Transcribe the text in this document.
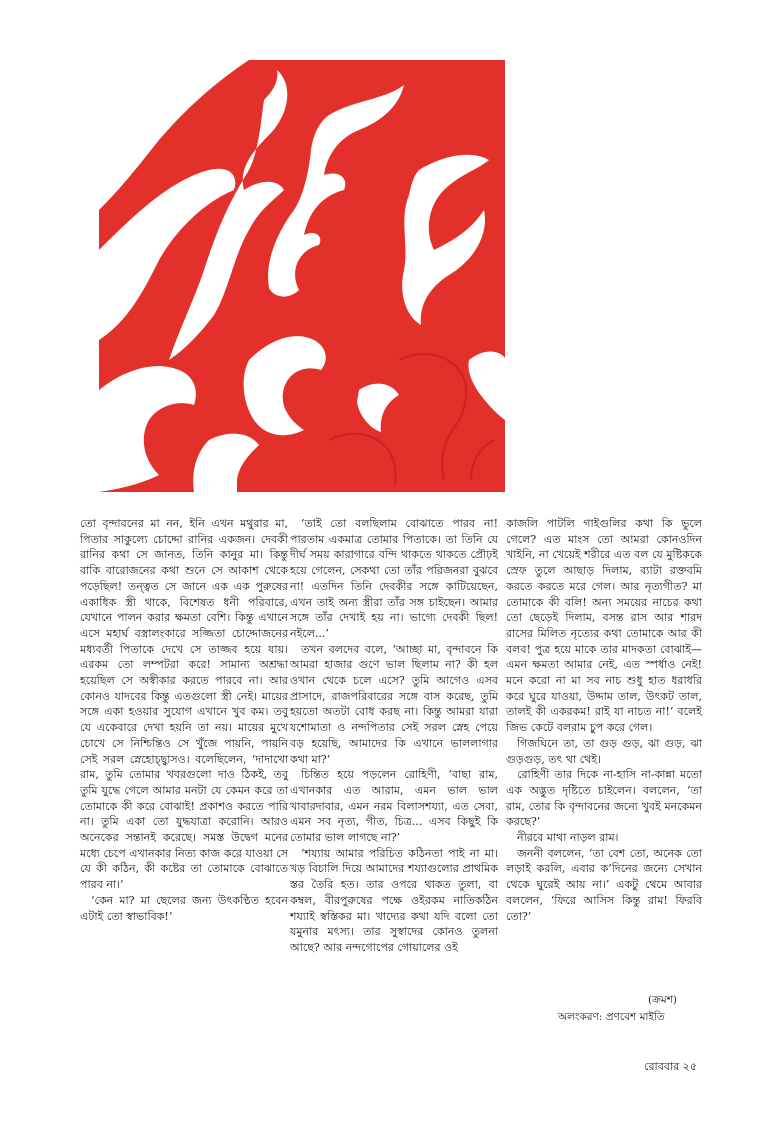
তো বৃন্দাবনের মা নন, ইনি এখন মথুরার মা, পিতার সাকুল্যে চোদ্দো রানির একজন। দেবকী রানির কথা সে জানত, তিনি কানুর মা। কিন্তু বাকি বারোজনের কথা শুনে সে আকাশ থেকে পড়েছিল! তন্ত্বত সে জানে এক এক পুরুষের একাধিক স্ত্রী থাকে, বিশেষত ধনী পরিবারে, যেখানে পালন করার ক্ষমতা বেশি। কিন্তু এখানে এসে মহার্ঘ বস্ত্রালংকারে সজ্জিতা চোদ্দোজনের মধ্যবর্তী পিতাকে দেখে সে তাজ্জব হয়ে যায়। এরকম তো লম্পটরা করে! সামান্য অশ্রদ্ধা হয়েছিল সে অস্বীকার করতে পারবে না। আর কোনও যাদবের কিন্তু এতগুলো স্ত্রী নেই। মায়ের সঙ্গে একা হওয়ার সুযোগ এখানে খুব কম। তবু যে একেবারে দেখা হয়নি তা নয়। মায়ের মুখে চোখে সে নিশ্চিন্তিও সে খুঁজে পায়নি, পায়নি সেই সরল স্নেহোচ্ছ্বাসও। বলেছিলেন, ‘দাদাখো রাম, তুমি তোমার খবরগুলো দাও ঠিকই, তবু তুমি যুদ্ধে গেলে আমার মনটা যে কেমন করে তা তোমাকে কী করে বোঝাই! প্রকাশও করতে পারি না। তুমি একা তো যুদ্ধযাত্রা করোনি। আরও অনেকের সন্তানই করেছে। সমস্ত উদ্বেগ মনের মধ্যে চেপে এখানকার নিত্য কাজ করে যাওয়া সে যে কী কঠিন, কী কষ্টের তা তোমাকে বোঝাতে পারব না।’

‘কেন মা? মা ছেলের জন্য উৎকণ্ঠিত হবেন এটাই তো স্বাভাবিক!’

‘তাই তো বলছিলাম বোঝাতে পারব না! পারতাম একমাত্র তোমার পিতাকে। তা তিনি যে দীর্ঘ সময় কারাগারে বন্দি থাকতে থাকতে প্রৌঢ়ই হয়ে গেলেন, সেকথা তো তাঁর পরিজনরা বুঝবে না! এতদিন তিনি দেবকীর সঙ্গে কাটিয়েছেন, এখন তাই অন্য স্ত্রীরা তাঁর সঙ্গ চাইছেন। আমার সঙ্গে তাঁর দেখাই হয় না। ভাগ্যে দেবকী ছিল! নইলে...’

তখন বলদেব বলে, ‘আচ্ছা মা, বৃন্দাবনে কি আমরা হাজার গুণে ভাল ছিলাম না? কী হল ওখান থেকে চলে এসে? তুমি আগেও এসব প্রাসাদে, রাজপরিবারের সঙ্গে বাস করেছ, তুমি হয়তো অতটা বোধ করছ না। কিন্তু আমরা যারা যশোমাতা ও নন্দপিতার সেই সরল স্নেহ পেয়ে বড় হয়েছি, আমাদের কি এখানে ভাললাগার কথা মা?’

চিন্তিত হয়ে পড়লেন রোহিণী, ‘বাছা রাম, এখানকার এত আরাম, এমন ভাল ভাল খাবারদাবার, এমন নরম বিলাসশয্যা, এত সেবা, এমন সব নৃত্য, গীত, চিত্র... এসব কিছুই কি তোমার ভাল লাগছে না?’

‘শয্যায় আমার পরিচিত কঠিনতা পাই না মা। খড় বিচালি দিয়ে আমাদের শয্যাগুলোর প্রাথমিক স্তর তৈরি হত। তার ওপরে থাকত তুলা, বা কম্বল, বীরপুরুষের পক্ষে ওইরকম নাতিকঠিন শয্যাই স্বস্তিকর মা। খাদ্যের কথা যদি বলো তো যমুনার মৎস্য। তার সুস্বাদের কোনও তুলনা আছে? আর নন্দগোপের গোয়ালের ওই

কাজলি পাটলি গাইগুলির কথা কি ভুলে গেলে? এত মাংস তো আমরা কোনওদিন খাইনি, না খেয়েই শরীরে এত বল যে মুষ্টিককে স্রেফ তুলে আছাড় দিলাম, ব্যাটা রক্তবমি করতে করতে মরে গেল। আর নৃত্যগীত? মা তোমাকে কী বলি! অন্য সময়ের নাচের কথা তো ছেড়েই দিলাম, বসন্ত রাস আর শারদ রাসের মিলিত নৃত্যের কথা তোমাকে আর কী বলব! পুত্র হয়ে মাকে তার মাদকতা বোঝাই— এমন ক্ষমতা আমার নেই, এত স্পর্ধাও নেই! মনে করো না মা সব নাচ শুধু হাত ধরাধরি করে ঘুরে যাওয়া, উদ্দাম তাল, উৎকট তাল, তালই কী একরকম! রাই যা নাচত না!’ বলেই জিভ কেটে বলরাম চুপ করে গেল।

গিজঘিনে তা, তা গুড় গুড়, ঝা গুড়, ঝা গুড়গুড়, তৎ থা থেই।

রোহিণী তার দিকে না-হাসি না-কান্না মতো এক অদ্ভুত দৃষ্টিতে চাইলেন। বললেন, ‘তা রাম, তোর কি বৃন্দাবনের জন্যে খুবই মনকেমন করছে?’

নীরবে মাথা নাড়ল রাম।

জননী বললেন, ‘তা বেশ তো, অনেক তো লড়াই করলি, এবার ক’দিনের জন্যে সেখান থেকে ঘুরেই আয় না।’ একটু থেমে আবার বললেন, ‘ফিরে আসিস কিন্তু রাম! ফিরবি তো?’

(ক্রমশ)
অলংকরণ: প্রণবেশ মাইতি
রোববার ২৫
